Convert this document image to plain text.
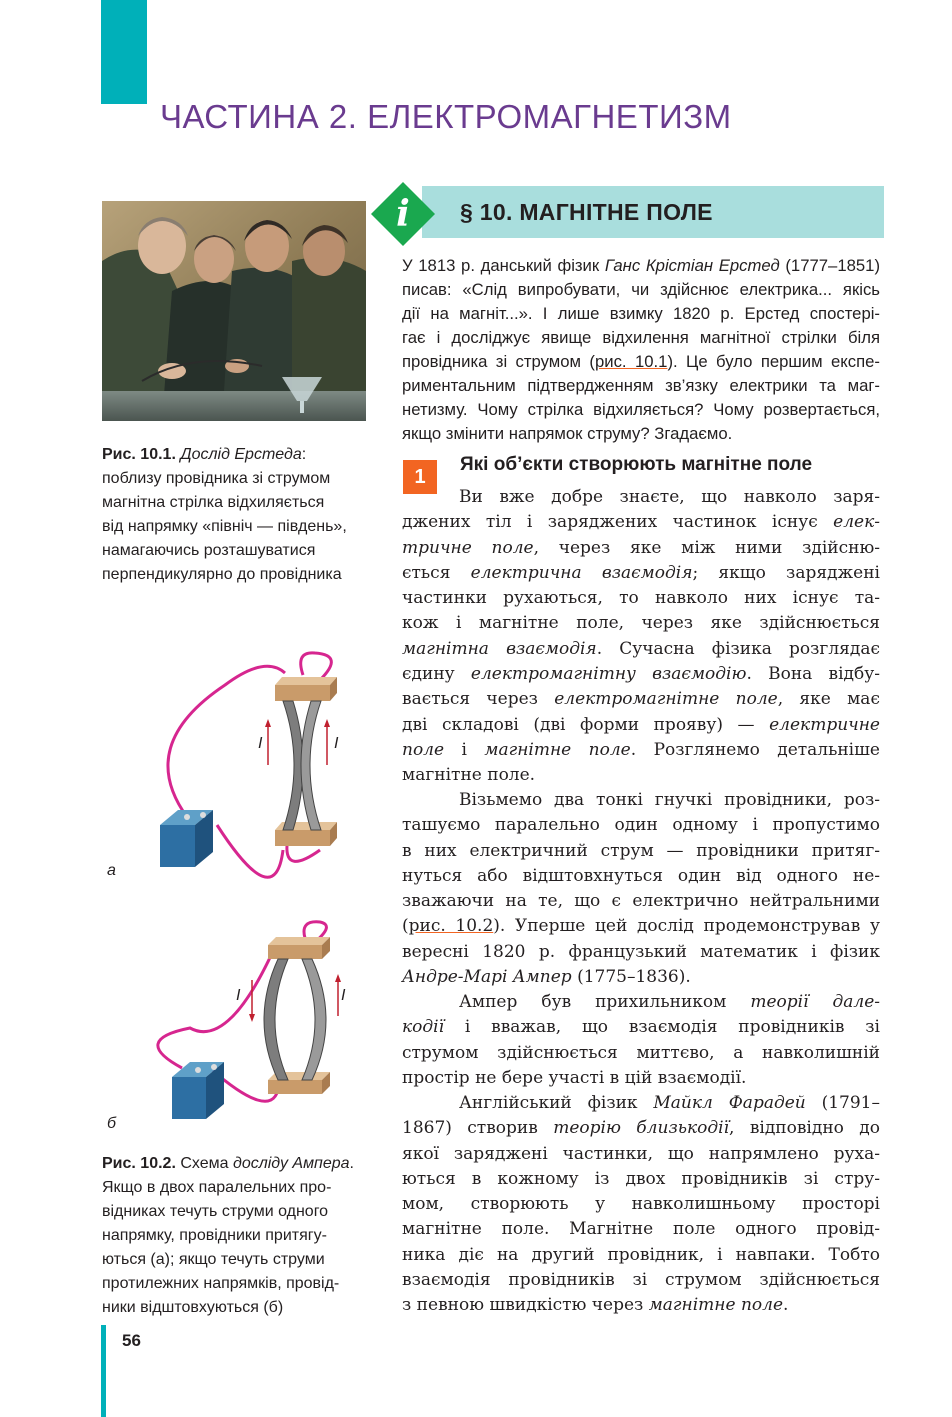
ЧАСТИНА 2. ЕЛЕКТРОМАГНЕТИЗМ
Рис. 10.1. Дослід Ерстеда:
поблизу провідника зі струмом
магнітна стрілка відхиляється
від напрямку «північ — південь»,
намагаючись розташуватися
перпендикулярно до провідника
I	I
а
I	I
б
Рис. 10.2. Схема досліду Ампера.
Якщо в двох паралельних про-
відниках течуть струми одного
напрямку, провідники притягу-
ються (а); якщо течуть струми
протилежних напрямків, провід-
ники відштовхуються (б)
i § 10. МАГНІТНЕ ПОЛЕ
У 1813 р. данський фізик Ганс Крістіан Ерстед (1777–1851)
писав: «Слід випробувати, чи здійснює електрика... якісь
дії на магніт...». І лише взимку 1820 р. Ерстед спостері-
гає і досліджує явище відхилення магнітної стрілки біля
провідника зі струмом (рис. 10.1). Це було першим експе-
риментальним підтвердженням зв’язку електрики та маг-
нетизму. Чому стрілка відхиляється? Чому розвертається,
якщо змінити напрямок струму? Згадаємо.
1
Які об’єкти створюють магнітне поле
Ви вже добре знаєте, що навколо заря-
джених тіл і заряджених частинок існує елек-
тричне поле, через яке між ними здійсню-
ється електрична взаємодія; якщо заряджені
частинки рухаються, то навколо них існує та-
кож і магнітне поле, через яке здійснюється
магнітна взаємодія. Сучасна фізика розглядає
єдину електромагнітну взаємодію. Вона відбу-
вається через електромагнітне поле, яке має
дві складові (дві форми прояву) — електричне
поле і магнітне поле. Розглянемо детальніше
магнітне поле.
Візьмемо два тонкі гнучкі провідники, роз-
ташуємо паралельно один одному і пропустимо
в них електричний струм — провідники притяг-
нуться або відштовхнуться один від одного не-
зважаючи на те, що є електрично нейтральними
(рис. 10.2). Уперше цей дослід продемонстрував у
вересні 1820 р. французький математик і фізик
Андре-Марі Ампер (1775–1836).
Ампер був прихильником теорії дале-
кодії і вважав, що взаємодія провідників зі
струмом здійснюється миттєво, а навколишній
простір не бере участі в цій взаємодії.
Англійський фізик Майкл Фарадей (1791–
1867) створив теорію близькодії, відповідно до
якої заряджені частинки, що напрямлено руха-
ються в кожному із двох провідників зі стру-
мом, створюють у навколишньому просторі
магнітне поле. Магнітне поле одного провід-
ника діє на другий провідник, і навпаки. Тобто
взаємодія провідників зі струмом здійснюється
з певною швидкістю через магнітне поле.
56
